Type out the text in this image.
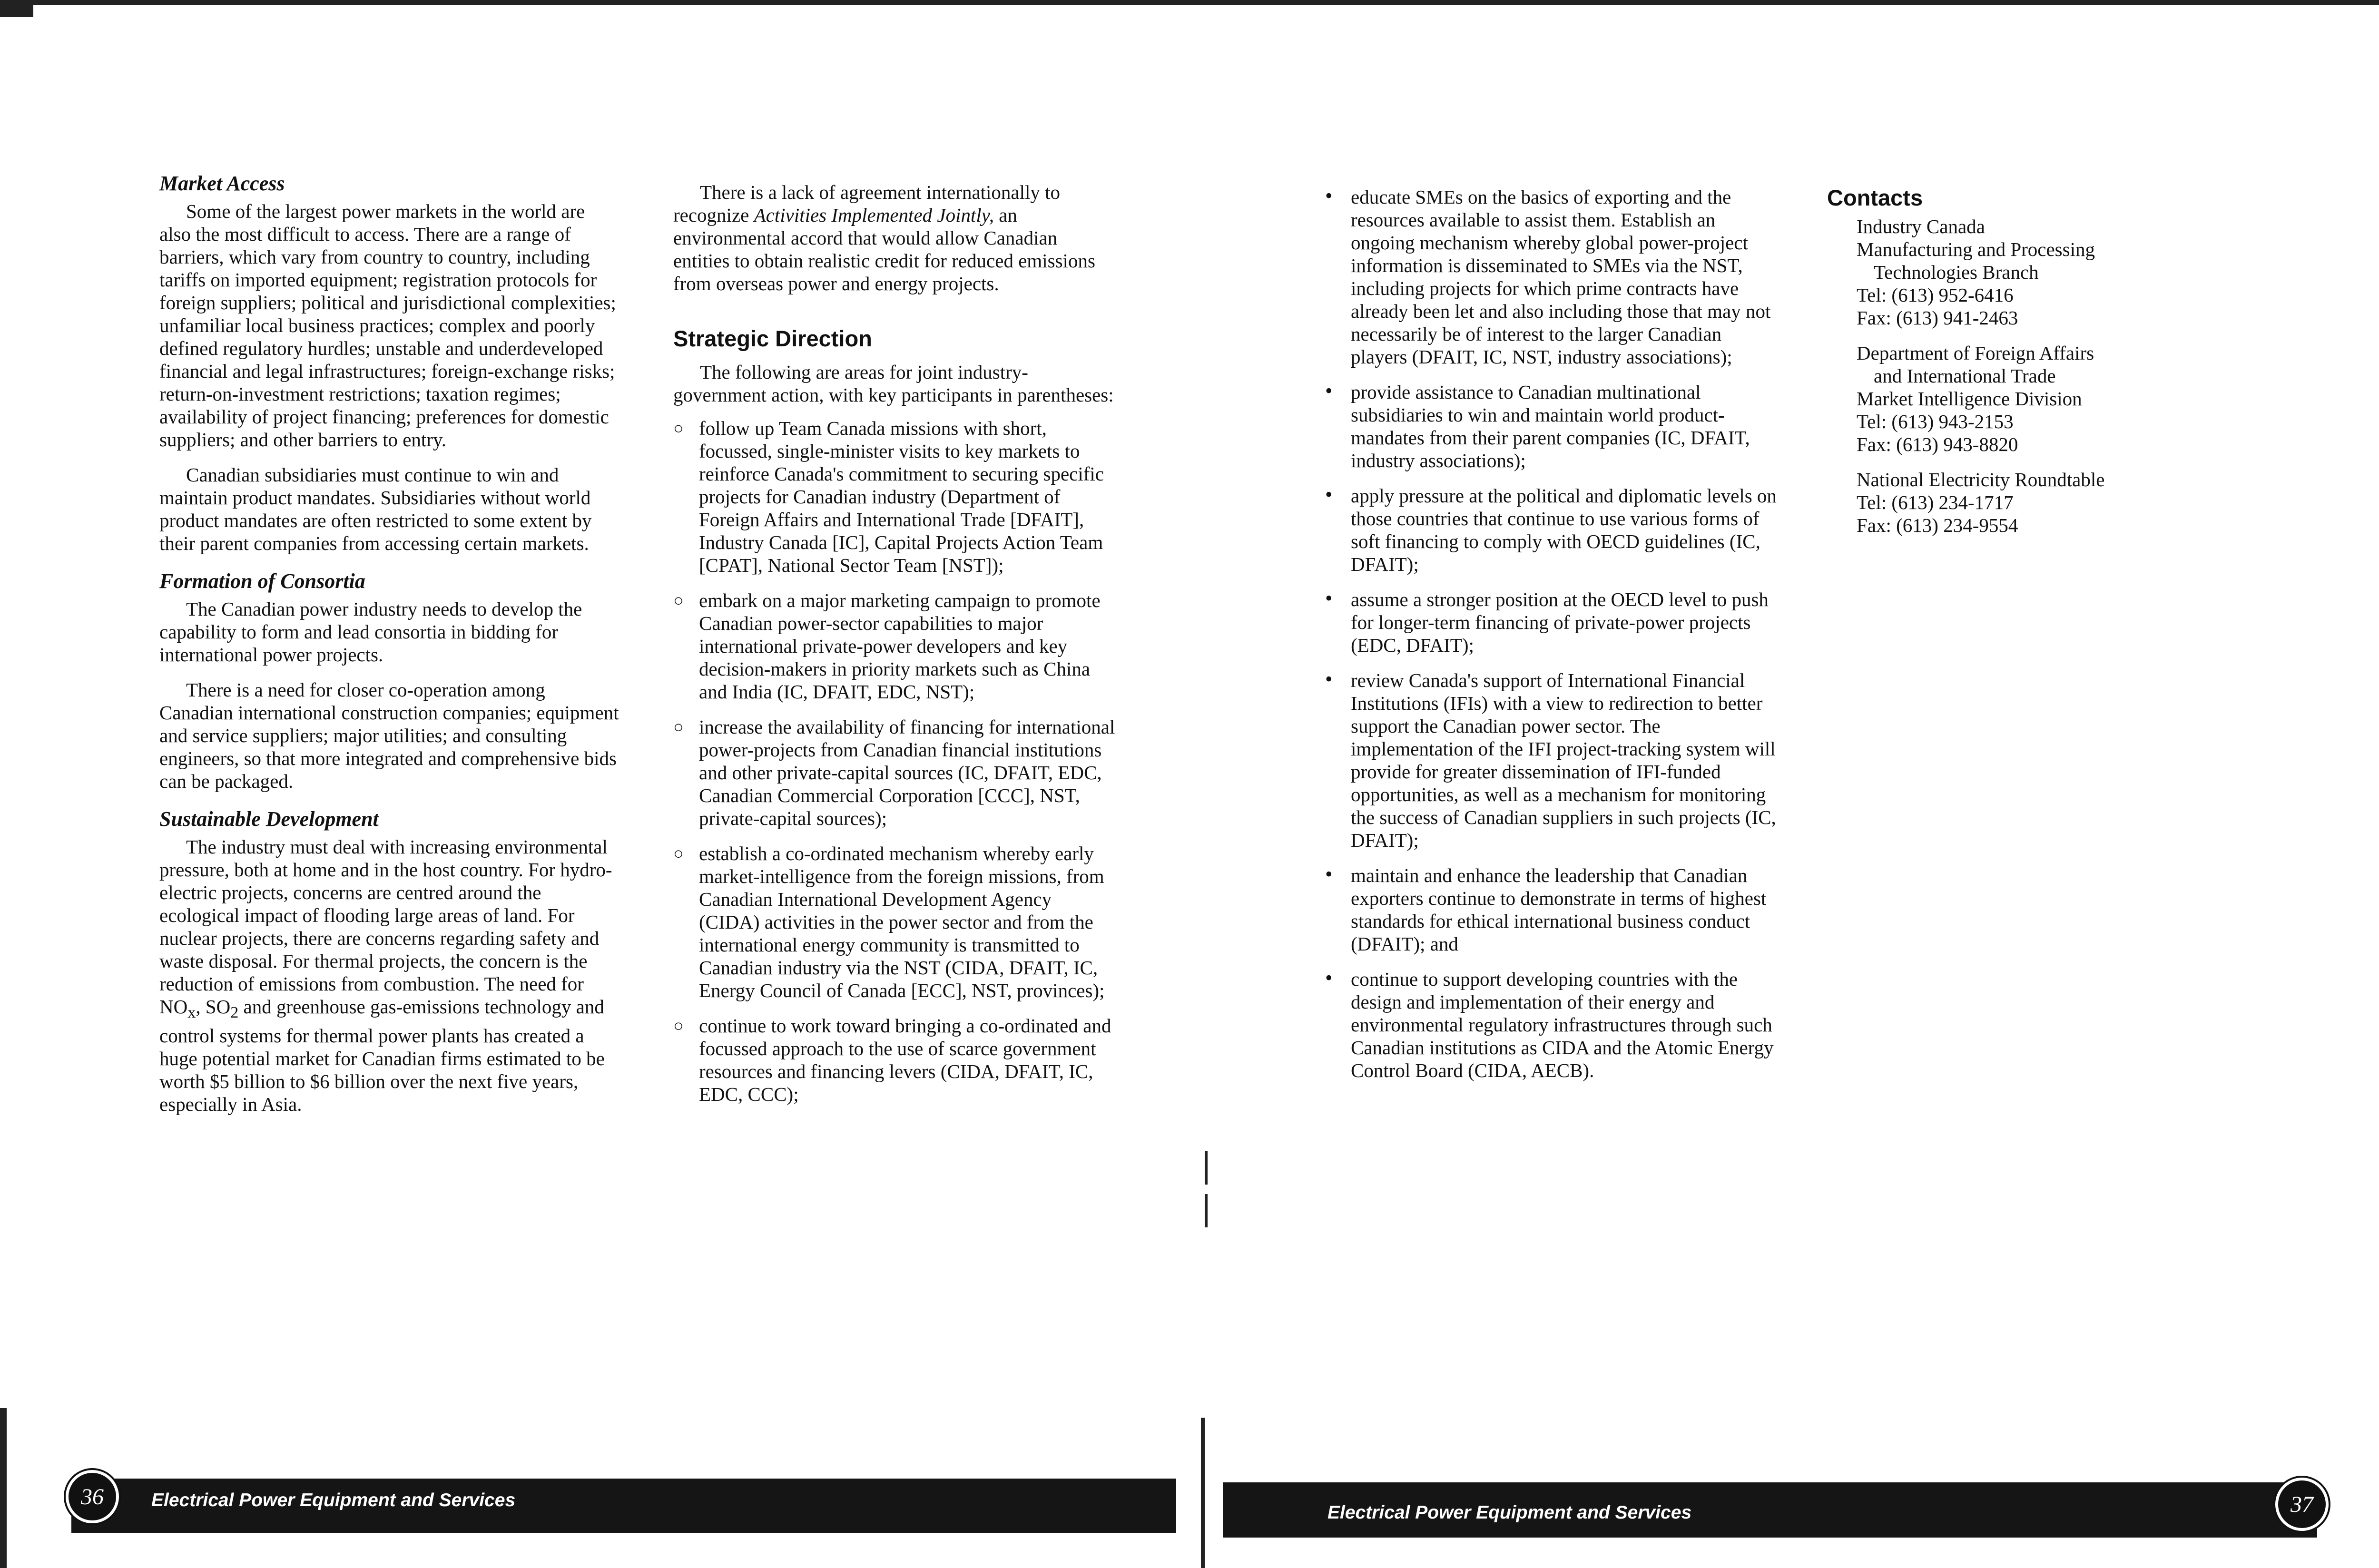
Market Access

Some of the largest power markets in the world are also the most difficult to access. There are a range of barriers, which vary from country to country, including tariffs on imported equipment; registration protocols for foreign suppliers; political and jurisdictional complexities; unfamiliar local business practices; complex and poorly defined regulatory hurdles; unstable and underdeveloped financial and legal infrastructures; foreign-exchange risks; return-on-investment restrictions; taxation regimes; availability of project financing; preferences for domestic suppliers; and other barriers to entry.

Canadian subsidiaries must continue to win and maintain product mandates. Subsidiaries without world product mandates are often restricted to some extent by their parent companies from accessing certain markets.

Formation of Consortia

The Canadian power industry needs to develop the capability to form and lead consortia in bidding for international power projects.

There is a need for closer co-operation among Canadian international construction companies; equipment and service suppliers; major utilities; and consulting engineers, so that more integrated and comprehensive bids can be packaged.

Sustainable Development

The industry must deal with increasing environmental pressure, both at home and in the host country. For hydro-electric projects, concerns are centred around the ecological impact of flooding large areas of land. For nuclear projects, there are concerns regarding safety and waste disposal. For thermal projects, the concern is the reduction of emissions from combustion. The need for $NO_x$, $SO_2$ and greenhouse gas-emissions technology and control systems for thermal power plants has created a huge potential market for Canadian firms estimated to be worth $5 billion to $6 billion over the next five years, especially in Asia.

There is a lack of agreement internationally to recognize Activities Implemented Jointly, an environmental accord that would allow Canadian entities to obtain realistic credit for reduced emissions from overseas power and energy projects.

Strategic Direction

The following are areas for joint industry-government action, with key participants in parentheses:

○ follow up Team Canada missions with short, focussed, single-minister visits to key markets to reinforce Canada's commitment to securing specific projects for Canadian industry (Department of Foreign Affairs and International Trade [DFAIT], Industry Canada [IC], Capital Projects Action Team [CPAT], National Sector Team [NST]);
○ embark on a major marketing campaign to promote Canadian power-sector capabilities to major international private-power developers and key decision-makers in priority markets such as China and India (IC, DFAIT, EDC, NST);
○ increase the availability of financing for international power-projects from Canadian financial institutions and other private-capital sources (IC, DFAIT, EDC, Canadian Commercial Corporation [CCC], NST, private-capital sources);
○ establish a co-ordinated mechanism whereby early market-intelligence from the foreign missions, from Canadian International Development Agency (CIDA) activities in the power sector and from the international energy community is transmitted to Canadian industry via the NST (CIDA, DFAIT, IC, Energy Council of Canada [ECC], NST, provinces);
○ continue to work toward bringing a co-ordinated and focussed approach to the use of scarce government resources and financing levers (CIDA, DFAIT, IC, EDC, CCC);
• educate SMEs on the basics of exporting and the resources available to assist them. Establish an ongoing mechanism whereby global power-project information is disseminated to SMEs via the NST, including projects for which prime contracts have already been let and also including those that may not necessarily be of interest to the larger Canadian players (DFAIT, IC, NST, industry associations);
• provide assistance to Canadian multinational subsidiaries to win and maintain world product-mandates from their parent companies (IC, DFAIT, industry associations);
• apply pressure at the political and diplomatic levels on those countries that continue to use various forms of soft financing to comply with OECD guidelines (IC, DFAIT);
• assume a stronger position at the OECD level to push for longer-term financing of private-power projects (EDC, DFAIT);
• review Canada's support of International Financial Institutions (IFIs) with a view to redirection to better support the Canadian power sector. The implementation of the IFI project-tracking system will provide for greater dissemination of IFI-funded opportunities, as well as a mechanism for monitoring the success of Canadian suppliers in such projects (IC, DFAIT);
• maintain and enhance the leadership that Canadian exporters continue to demonstrate in terms of highest standards for ethical international business conduct (DFAIT); and
• continue to support developing countries with the design and implementation of their energy and environmental regulatory infrastructures through such Canadian institutions as CIDA and the Atomic Energy Control Board (CIDA, AECB).
Contacts
Industry Canada
Manufacturing and Processing
Technologies Branch
Tel: (613) 952-6416
Fax: (613) 941-2463
Department of Foreign Affairs
and International Trade
Market Intelligence Division
Tel: (613) 943-2153
Fax: (613) 943-8820
National Electricity Roundtable
Tel: (613) 234-1717
Fax: (613) 234-9554
Electrical Power Equipment and Services
36
Electrical Power Equipment and Services	37
